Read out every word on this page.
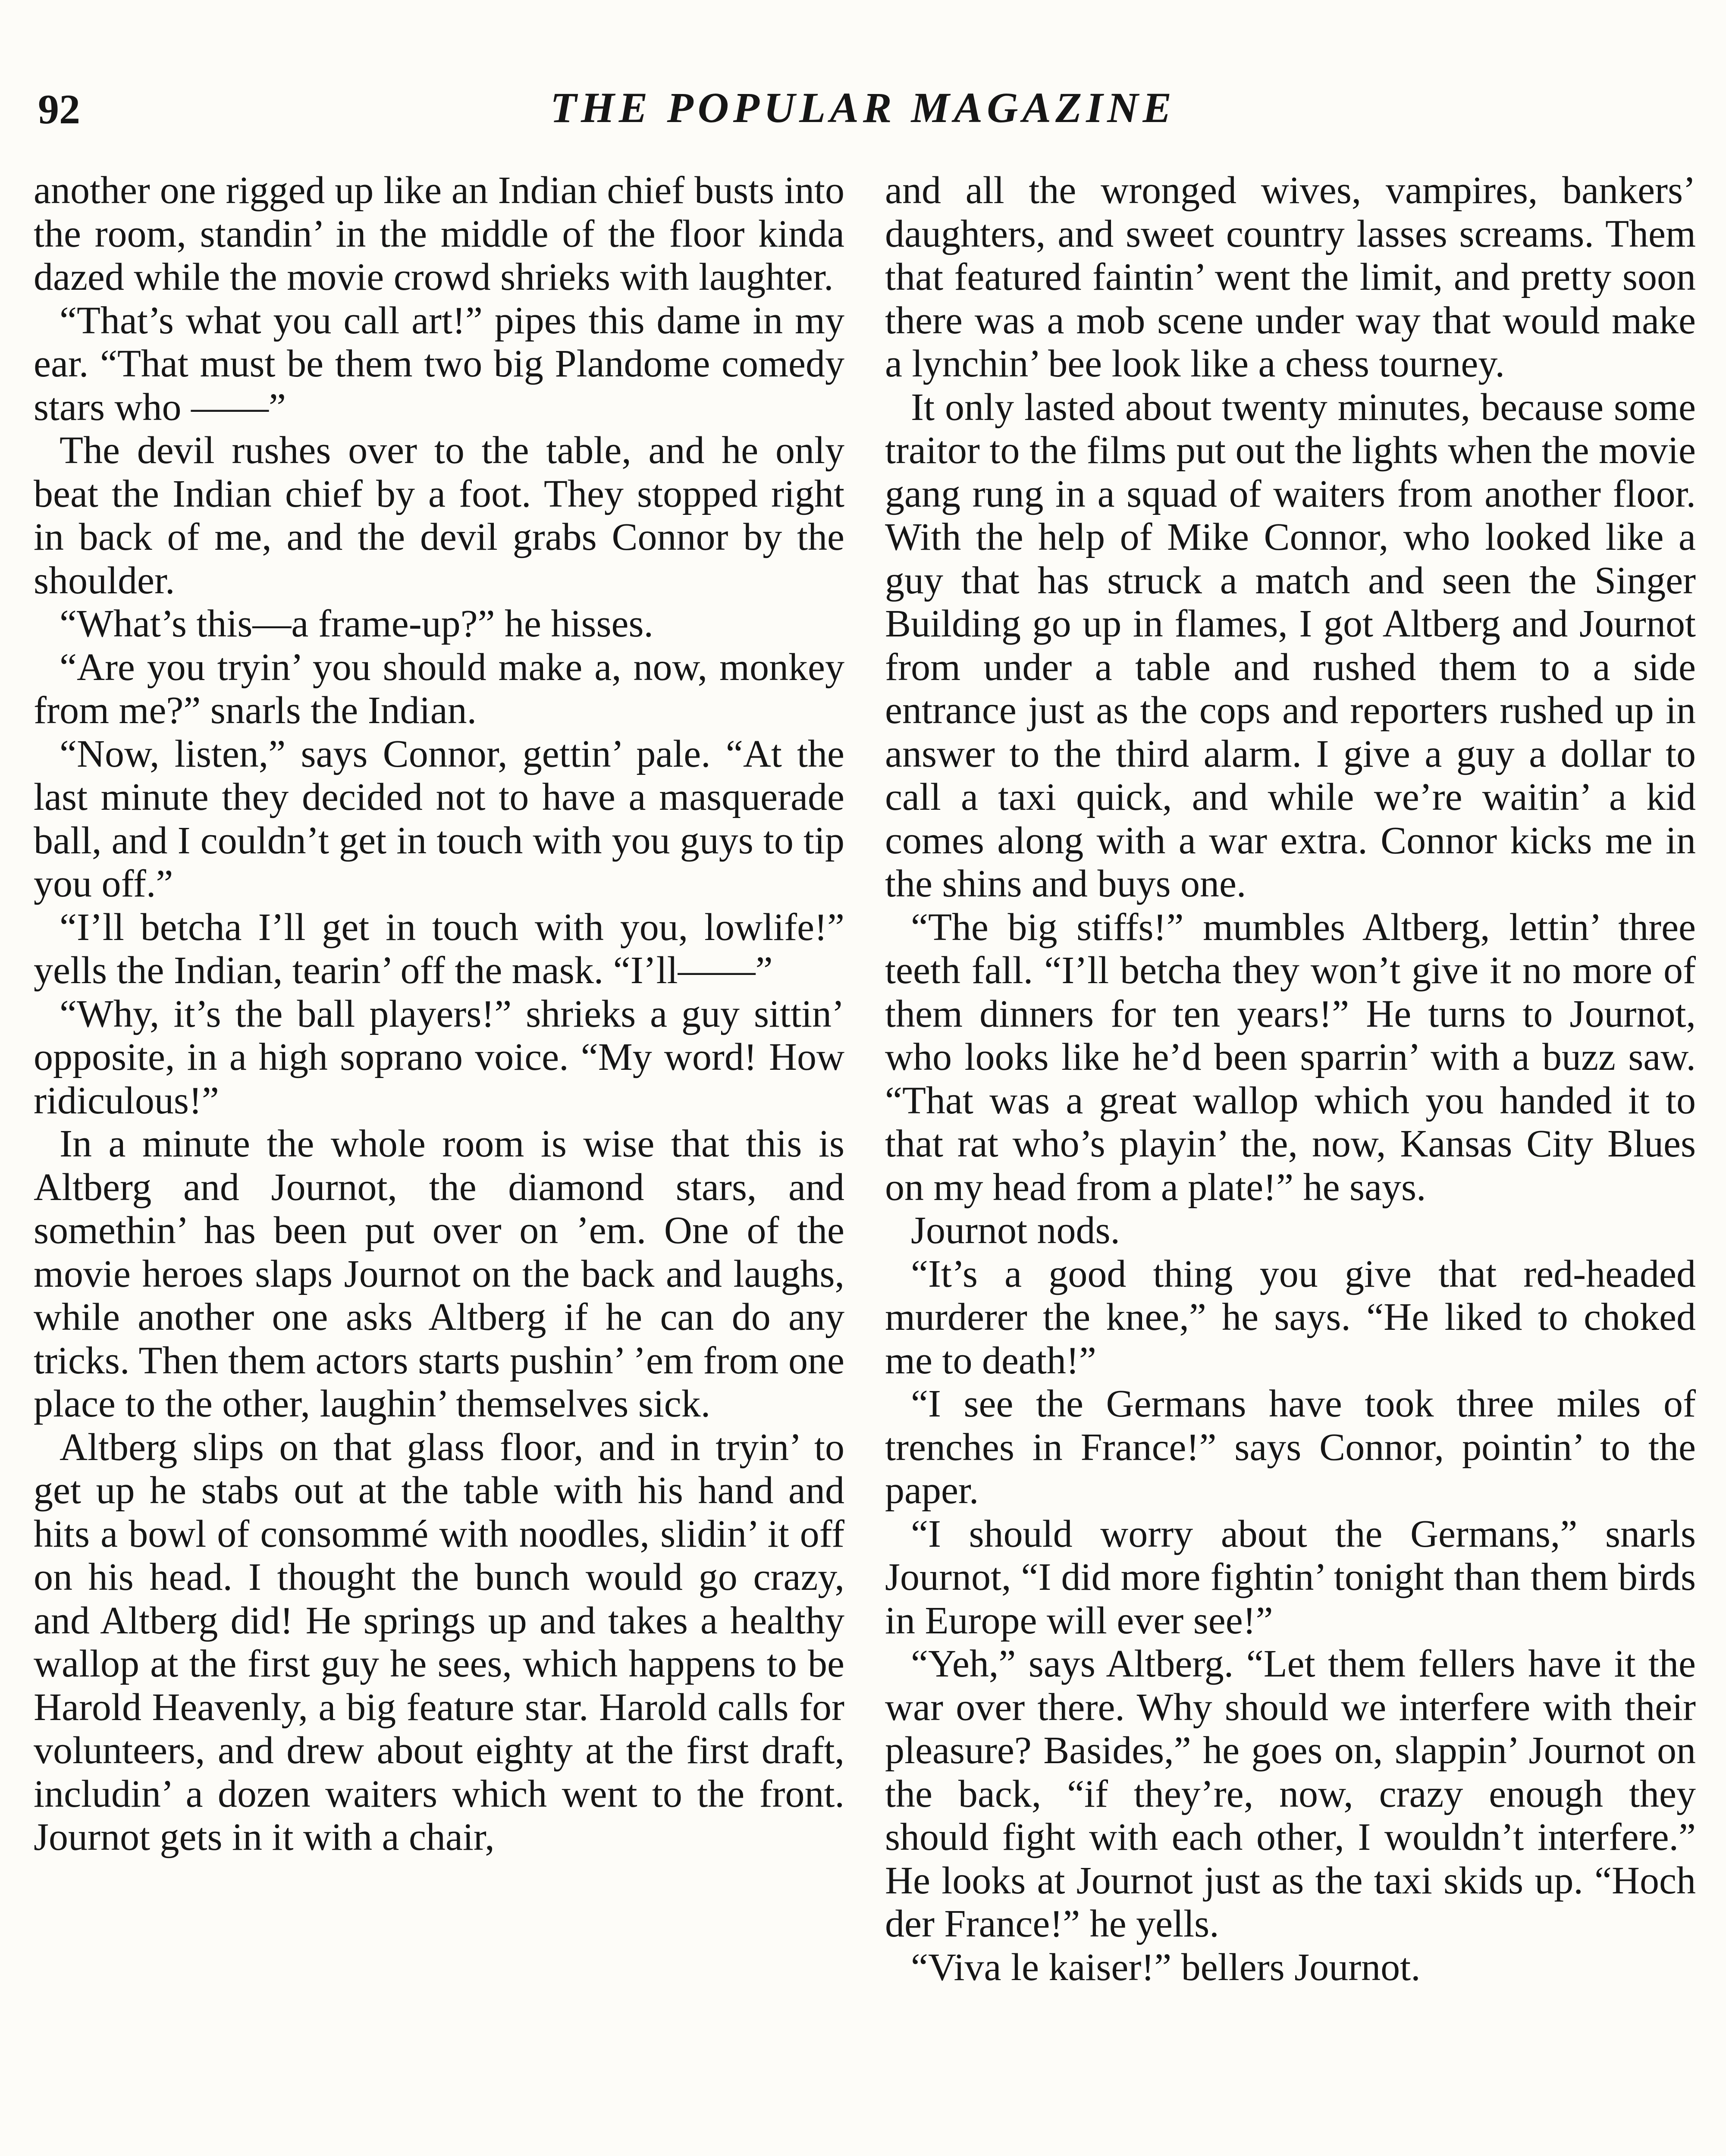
92	THE POPULAR MAGAZINE

another one rigged up like an Indian chief busts into the room, standin’ in the middle of the floor kinda dazed while the movie crowd shrieks with laughter.

“That’s what you call art!” pipes this dame in my ear. “That must be them two big Plandome comedy stars who ——”

The devil rushes over to the table, and he only beat the Indian chief by a foot. They stopped right in back of me, and the devil grabs Connor by the shoulder.

“What’s this—a frame-up?” he hisses.

“Are you tryin’ you should make a, now, monkey from me?” snarls the Indian.

“Now, listen,” says Connor, gettin’ pale. “At the last minute they decided not to have a masquerade ball, and I couldn’t get in touch with you guys to tip you off.”

“I’ll betcha I’ll get in touch with you, lowlife!” yells the Indian, tearin’ off the mask. “I’ll——”

“Why, it’s the ball players!” shrieks a guy sittin’ opposite, in a high soprano voice. “My word! How ridiculous!”

In a minute the whole room is wise that this is Altberg and Journot, the diamond stars, and somethin’ has been put over on ’em. One of the movie heroes slaps Journot on the back and laughs, while another one asks Altberg if he can do any tricks. Then them actors starts pushin’ ’em from one place to the other, laughin’ themselves sick.

Altberg slips on that glass floor, and in tryin’ to get up he stabs out at the table with his hand and hits a bowl of consommé with noodles, slidin’ it off on his head. I thought the bunch would go crazy, and Altberg did! He springs up and takes a healthy wallop at the first guy he sees, which happens to be Harold Heavenly, a big feature star. Harold calls for volunteers, and drew about eighty at the first draft, includin’ a dozen waiters which went to the front. Journot gets in it with a chair,

and all the wronged wives, vampires, bankers’ daughters, and sweet country lasses screams. Them that featured faintin’ went the limit, and pretty soon there was a mob scene under way that would make a lynchin’ bee look like a chess tourney.

It only lasted about twenty minutes, because some traitor to the films put out the lights when the movie gang rung in a squad of waiters from another floor. With the help of Mike Connor, who looked like a guy that has struck a match and seen the Singer Building go up in flames, I got Altberg and Journot from under a table and rushed them to a side entrance just as the cops and reporters rushed up in answer to the third alarm. I give a guy a dollar to call a taxi quick, and while we’re waitin’ a kid comes along with a war extra. Connor kicks me in the shins and buys one.

“The big stiffs!” mumbles Altberg, lettin’ three teeth fall. “I’ll betcha they won’t give it no more of them dinners for ten years!” He turns to Journot, who looks like he’d been sparrin’ with a buzz saw. “That was a great wallop which you handed it to that rat who’s playin’ the, now, Kansas City Blues on my head from a plate!” he says.

Journot nods.

“It’s a good thing you give that red-headed murderer the knee,” he says. “He liked to choked me to death!”

“I see the Germans have took three miles of trenches in France!” says Connor, pointin’ to the paper.

“I should worry about the Germans,” snarls Journot, “I did more fightin’ tonight than them birds in Europe will ever see!”

“Yeh,” says Altberg. “Let them fellers have it the war over there. Why should we interfere with their pleasure? Basides,” he goes on, slappin’ Journot on the back, “if they’re, now, crazy enough they should fight with each other, I wouldn’t interfere.” He looks at Journot just as the taxi skids up. “Hoch der France!” he yells.

“Viva le kaiser!” bellers Journot.
